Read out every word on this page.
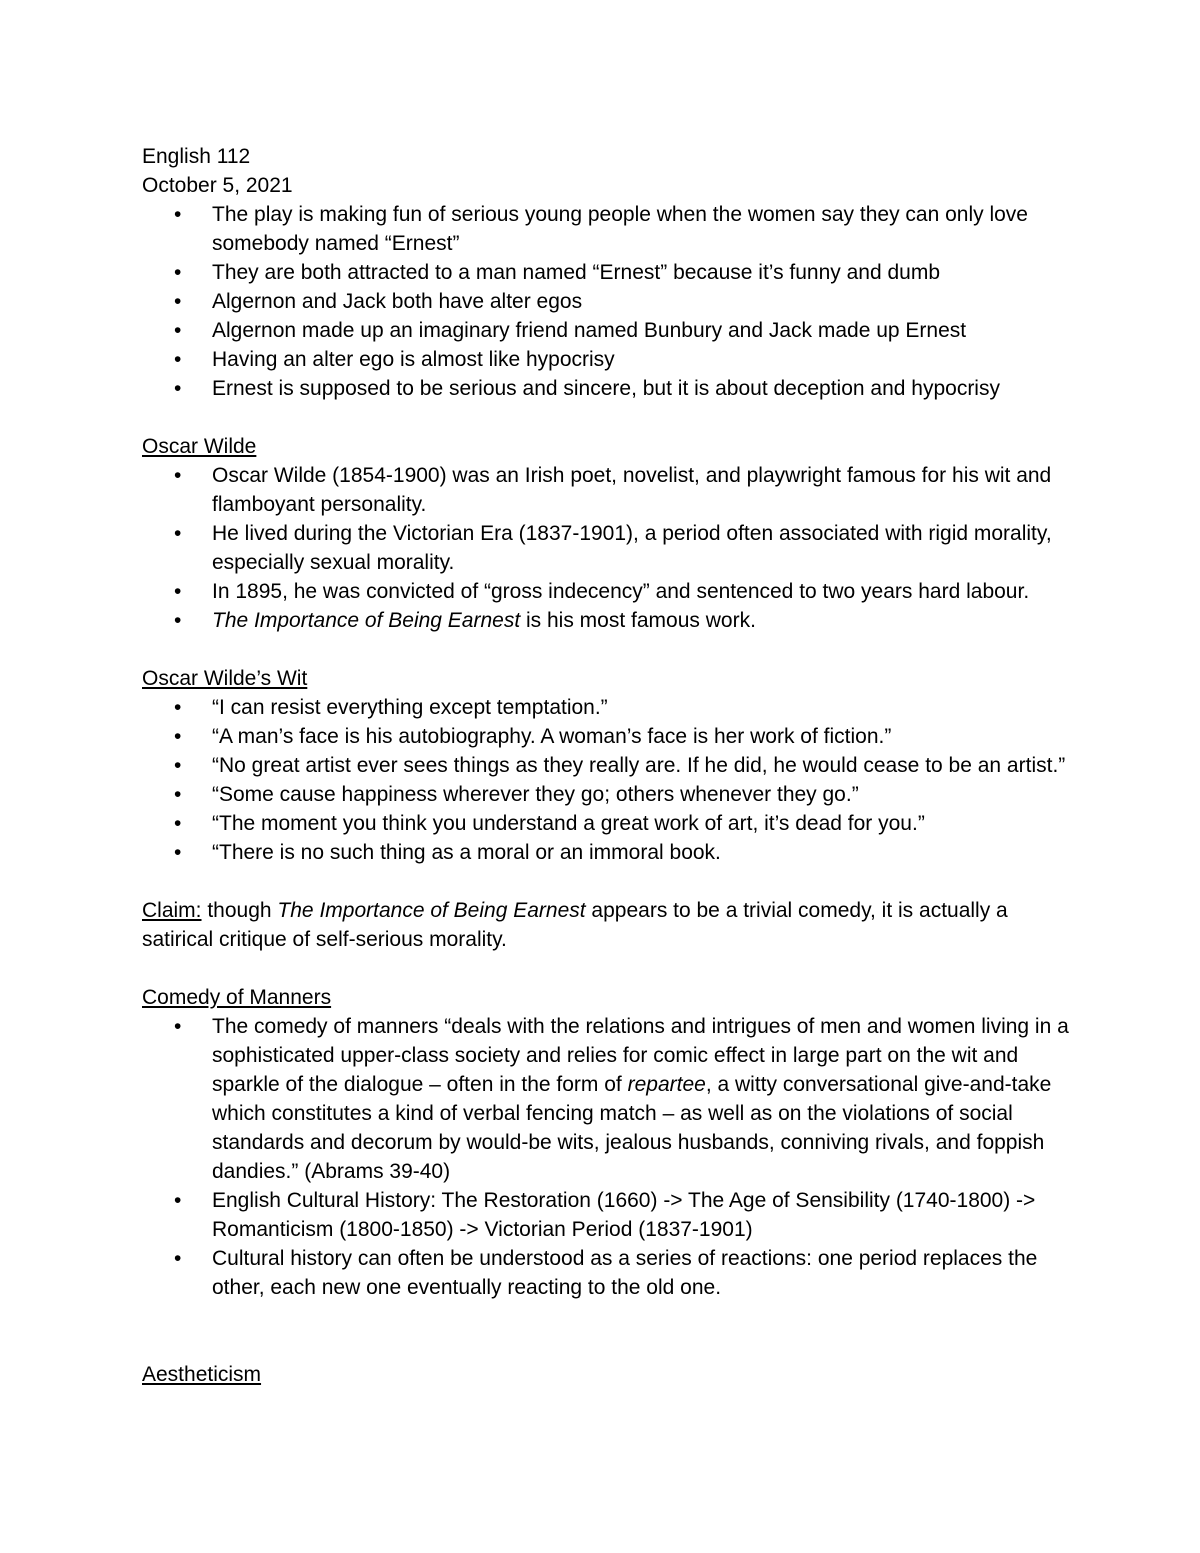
English 112

October 5, 2021

• The play is making fun of serious young people when the women say they can only love somebody named “Ernest”
• They are both attracted to a man named “Ernest” because it’s funny and dumb
• Algernon and Jack both have alter egos
• Algernon made up an imaginary friend named Bunbury and Jack made up Ernest
• Having an alter ego is almost like hypocrisy
• Ernest is supposed to be serious and sincere, but it is about deception and hypocrisy

Oscar Wilde

• Oscar Wilde (1854-1900) was an Irish poet, novelist, and playwright famous for his wit and flamboyant personality.
• He lived during the Victorian Era (1837-1901), a period often associated with rigid morality, especially sexual morality.
• In 1895, he was convicted of “gross indecency” and sentenced to two years hard labour.
• The Importance of Being Earnest is his most famous work.

Oscar Wilde’s Wit

• “I can resist everything except temptation.”
• “A man’s face is his autobiography. A woman’s face is her work of fiction.”
• “No great artist ever sees things as they really are. If he did, he would cease to be an artist.”
• “Some cause happiness wherever they go; others whenever they go.”
• “The moment you think you understand a great work of art, it’s dead for you.”
• “There is no such thing as a moral or an immoral book.

Claim: though The Importance of Being Earnest appears to be a trivial comedy, it is actually a satirical critique of self-serious morality.

Comedy of Manners

• The comedy of manners “deals with the relations and intrigues of men and women living in a sophisticated upper-class society and relies for comic effect in large part on the wit and sparkle of the dialogue – often in the form of repartee, a witty conversational give-and-take which constitutes a kind of verbal fencing match – as well as on the violations of social standards and decorum by would-be wits, jealous husbands, conniving rivals, and foppish dandies.” (Abrams 39-40)
• English Cultural History: The Restoration (1660) -> The Age of Sensibility (1740-1800) -> Romanticism (1800-1850) -> Victorian Period (1837-1901)
• Cultural history can often be understood as a series of reactions: one period replaces the other, each new one eventually reacting to the old one.

Aestheticism
